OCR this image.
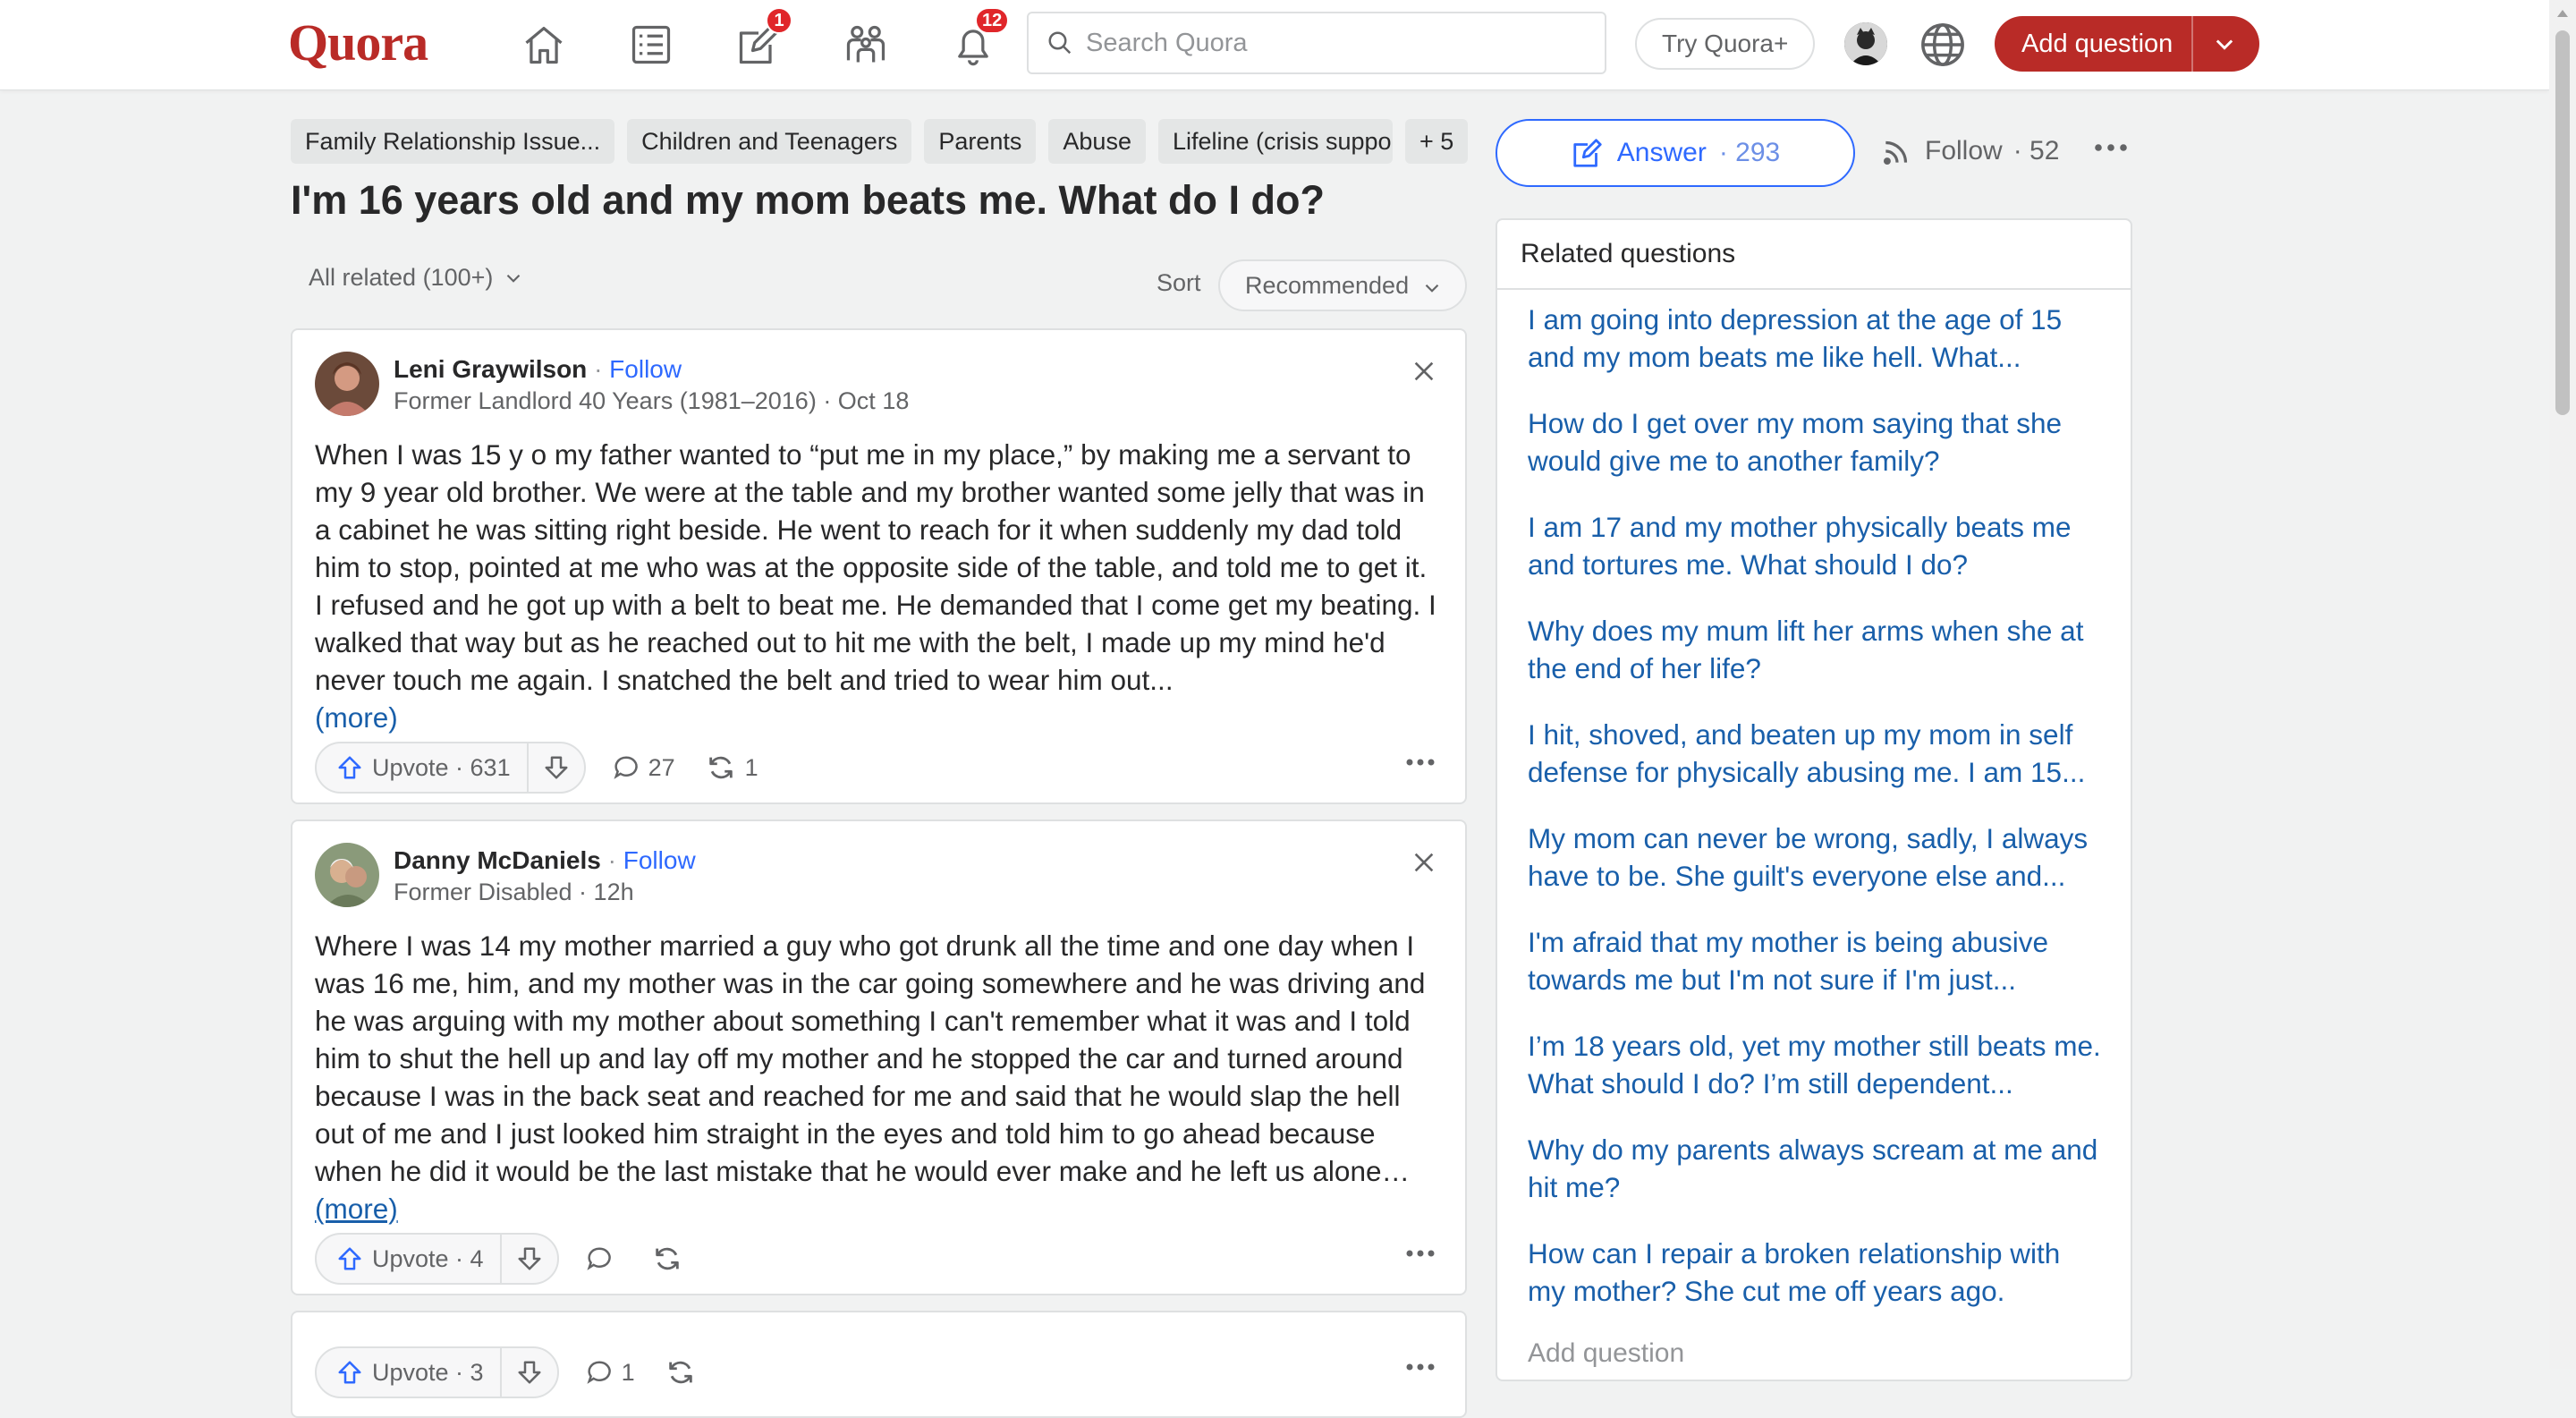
Quora	1	12
Search Quora
Try Quora+	Add question
Family Relationship Issue...	Children and Teenagers	Parents	Abuse	Lifeline (crisis suppo	+ 5
I'm 16 years old and my mom beats me. What do I do?
All related (100+)	Sort Recommended
Leni Graywilson · Follow
Former Landlord 40 Years (1981–2016) · Oct 18

When I was 15 y o my father wanted to “put me in my place,” by making me a servant to my 9 year old brother. We were at the table and my brother wanted some jelly that was in a cabinet he was sitting right beside. He went to reach for it when suddenly my dad told him to stop, pointed at me who was at the opposite side of the table, and told me to get it. I refused and he got up with a belt to beat me. He demanded that I come get my beating. I walked that way but as he reached out to hit me with the belt, I made up my mind he'd never touch me again. I snatched the belt and tried to wear him out...
(more)

Upvote · 631	27	1
Danny McDaniels · Follow
Former Disabled · 12h

Where I was 14 my mother married a guy who got drunk all the time and one day when I was 16 me, him, and my mother was in the car going somewhere and he was driving and he was arguing with my mother about something I can't remember what it was and I told him to shut the hell up and lay off my mother and he stopped the car and turned around because I was in the back seat and reached for me and said that he would slap the hell out of me and I just looked him straight in the eyes and told him to go ahead because when he did it would be the last mistake that he would ever make and he left us alone… (more)

Upvote · 4
Upvote · 3	1
Answer · 293	Follow · 52
Related questions
I am going into depression at the age of 15 and my mom beats me like hell. What...
How do I get over my mom saying that she would give me to another family?
I am 17 and my mother physically beats me and tortures me. What should I do?
Why does my mum lift her arms when she at the end of her life?
I hit, shoved, and beaten up my mom in self defense for physically abusing me. I am 15...
My mom can never be wrong, sadly, I always have to be. She guilt's everyone else and...
I'm afraid that my mother is being abusive towards me but I'm not sure if I'm just...
I’m 18 years old, yet my mother still beats me. What should I do? I’m still dependent...
Why do my parents always scream at me and hit me?
How can I repair a broken relationship with my mother? She cut me off years ago.
Add question
